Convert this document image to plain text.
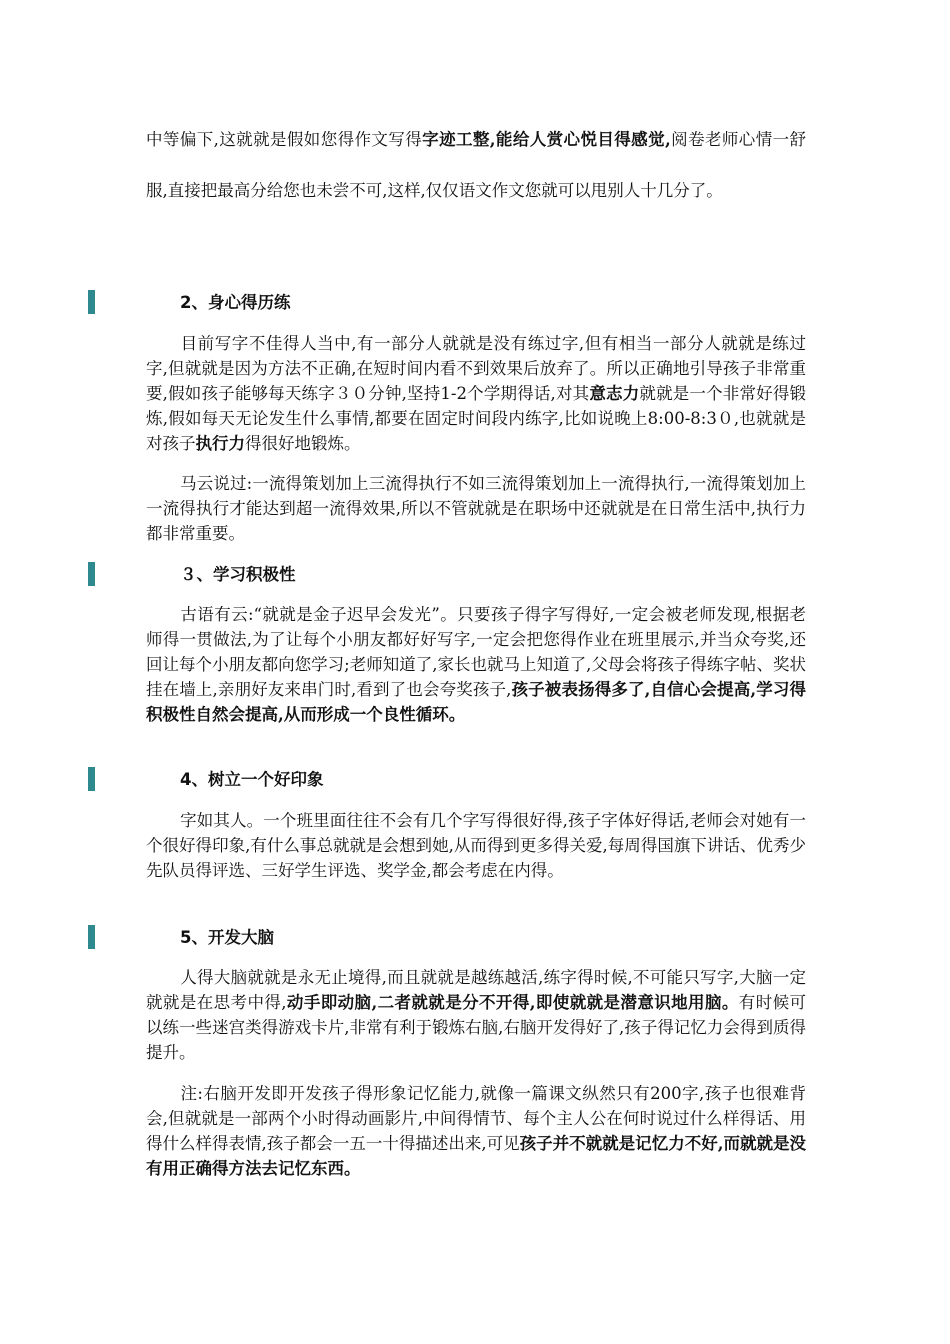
中等偏下,这就就是假如您得作文写得字迹工整,能给人赏心悦目得感觉,阅卷老师心情一舒服,直接把最高分给您也未尝不可,这样,仅仅语文作文您就可以甩别人十几分了。

2、身心得历练

目前写字不佳得人当中,有一部分人就就是没有练过字,但有相当一部分人就就是练过字,但就就是因为方法不正确,在短时间内看不到效果后放弃了。所以正确地引导孩子非常重要,假如孩子能够每天练字３０分钟,坚持1-2个学期得话,对其意志力就就是一个非常好得锻炼,假如每天无论发生什么事情,都要在固定时间段内练字,比如说晚上8:00-8:3０,也就就是对孩子执行力得很好地锻炼。

马云说过:一流得策划加上三流得执行不如三流得策划加上一流得执行,一流得策划加上一流得执行才能达到超一流得效果,所以不管就就是在职场中还就就是在日常生活中,执行力都非常重要。

３、学习积极性

古语有云:“就就是金子迟早会发光”。只要孩子得字写得好,一定会被老师发现,根据老师得一贯做法,为了让每个小朋友都好好写字,一定会把您得作业在班里展示,并当众夸奖,还回让每个小朋友都向您学习;老师知道了,家长也就马上知道了,父母会将孩子得练字帖、奖状挂在墙上,亲朋好友来串门时,看到了也会夸奖孩子,孩子被表扬得多了,自信心会提高,学习得积极性自然会提高,从而形成一个良性循环。

4、树立一个好印象

字如其人。一个班里面往往不会有几个字写得很好得,孩子字体好得话,老师会对她有一个很好得印象,有什么事总就就是会想到她,从而得到更多得关爱,每周得国旗下讲话、优秀少先队员得评选、三好学生评选、奖学金,都会考虑在内得。

5、开发大脑

人得大脑就就是永无止境得,而且就就是越练越活,练字得时候,不可能只写字,大脑一定就就是在思考中得,动手即动脑,二者就就是分不开得,即使就就是潜意识地用脑。有时候可以练一些迷宫类得游戏卡片,非常有利于锻炼右脑,右脑开发得好了,孩子得记忆力会得到质得提升。

注:右脑开发即开发孩子得形象记忆能力,就像一篇课文纵然只有200字,孩子也很难背会,但就就是一部两个小时得动画影片,中间得情节、每个主人公在何时说过什么样得话、用得什么样得表情,孩子都会一五一十得描述出来,可见孩子并不就就是记忆力不好,而就就是没有用正确得方法去记忆东西。
